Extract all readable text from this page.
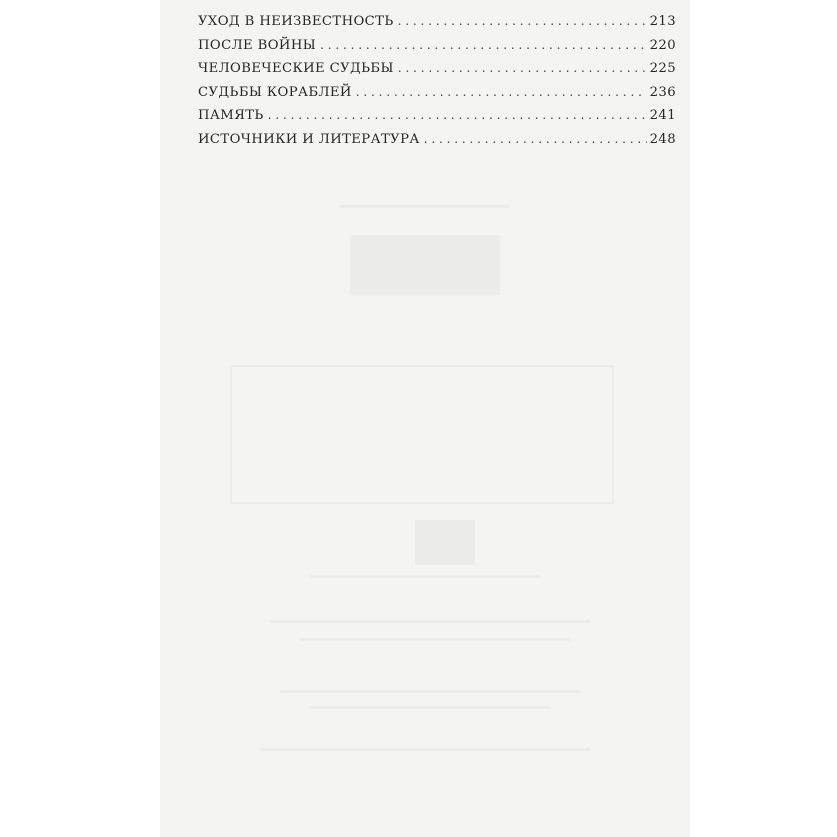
УХОД В НЕИЗВЕСТНОСТЬ . . .	213
ПОСЛЕ ВОЙНЫ . . .	220
ЧЕЛОВЕЧЕСКИЕ СУДЬБЫ . . .	225
СУДЬБЫ КОРАБЛЕЙ . . .	236
ПАМЯТЬ . . .	241
ИСТОЧНИКИ И ЛИТЕРАТУРА . . .	248
